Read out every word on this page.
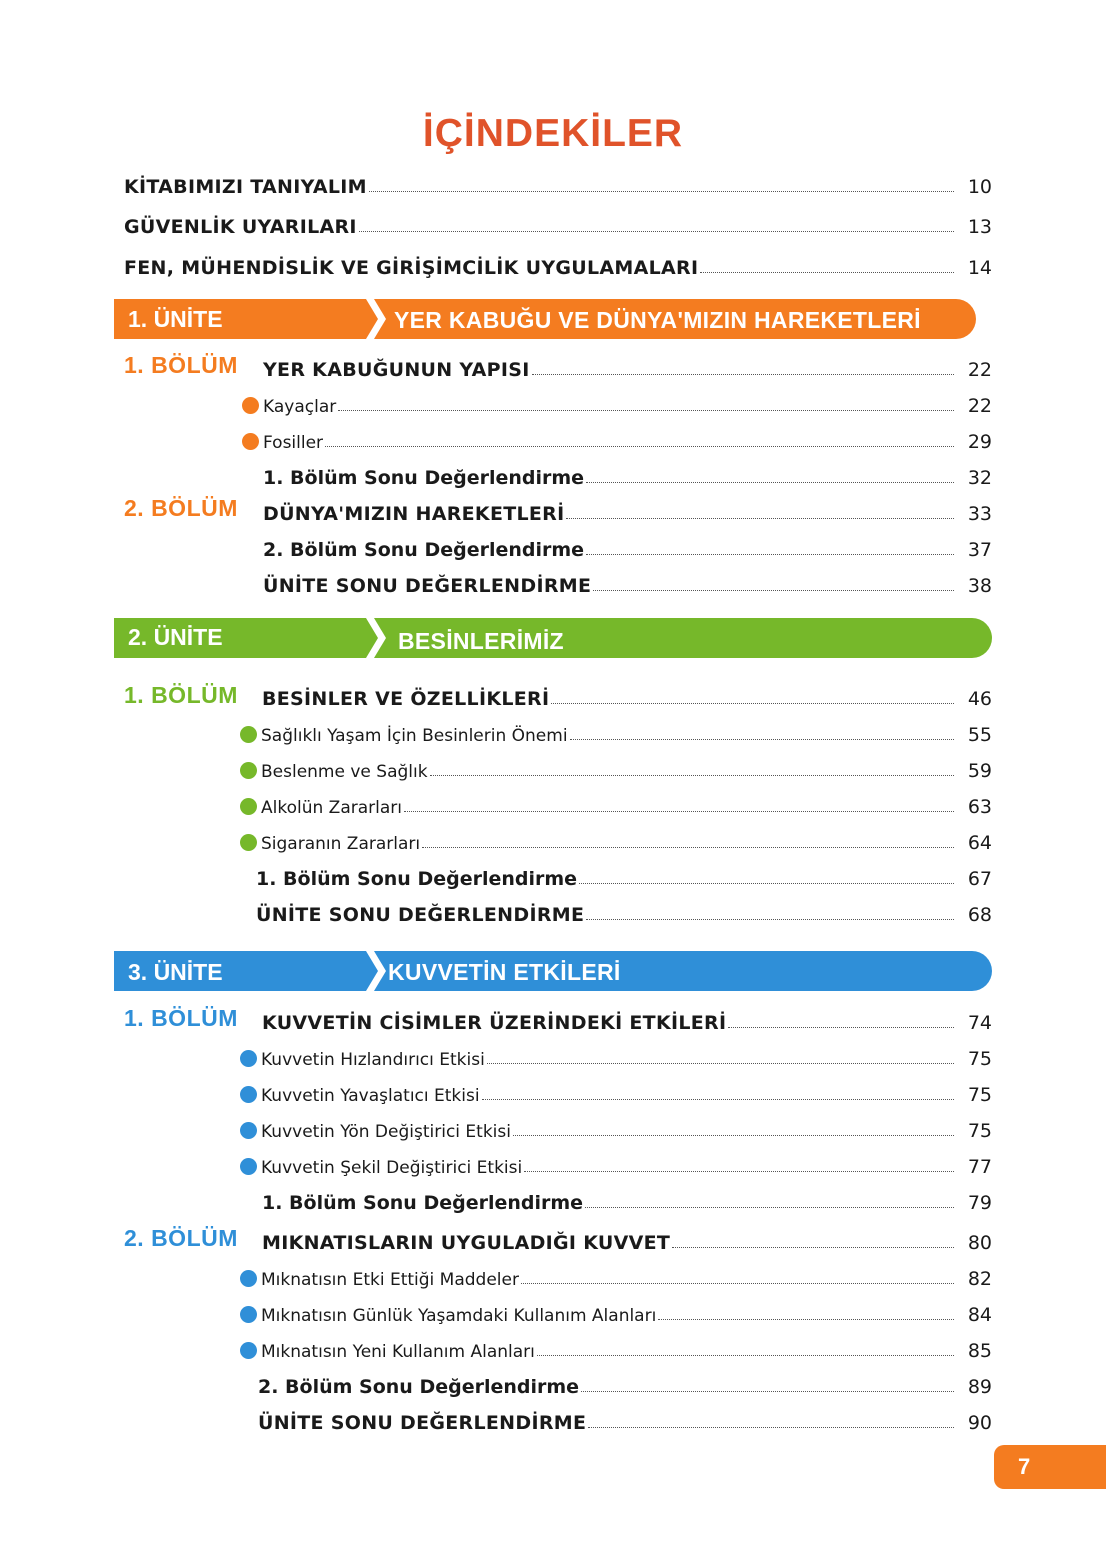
İÇİNDEKİLER
KİTABIMIZI TANIYALIM	10
GÜVENLİK UYARILARI	13
FEN, MÜHENDİSLİK VE GİRİŞİMCİLİK UYGULAMALARI	14
1. ÜNİTE	YER KABUĞU VE DÜNYA'MIZIN HAREKETLERİ
1. BÖLÜM YER KABUĞUNUN YAPISI	22
Kayaçlar	22
Fosiller	29
1. Bölüm Sonu Değerlendirme	32
2. BÖLÜM DÜNYA'MIZIN HAREKETLERİ	33
2. Bölüm Sonu Değerlendirme	37
ÜNİTE SONU DEĞERLENDİRME	38
2. ÜNİTE	BESİNLERİMİZ
1. BÖLÜM BESİNLER VE ÖZELLİKLERİ	46
Sağlıklı Yaşam İçin Besinlerin Önemi	55
Beslenme ve Sağlık	59
Alkolün Zararları	63
Sigaranın Zararları	64
1. Bölüm Sonu Değerlendirme	67
ÜNİTE SONU DEĞERLENDİRME	68
3. ÜNİTE	KUVVETİN ETKİLERİ
1. BÖLÜM KUVVETİN CİSİMLER ÜZERİNDEKİ ETKİLERİ	74
Kuvvetin Hızlandırıcı Etkisi	75
Kuvvetin Yavaşlatıcı Etkisi	75
Kuvvetin Yön Değiştirici Etkisi	75
Kuvvetin Şekil Değiştirici Etkisi	77
1. Bölüm Sonu Değerlendirme	79
2. BÖLÜM MIKNATISLARIN UYGULADIĞI KUVVET	80
Mıknatısın Etki Ettiği Maddeler	82
Mıknatısın Günlük Yaşamdaki Kullanım Alanları	84
Mıknatısın Yeni Kullanım Alanları	85
2. Bölüm Sonu Değerlendirme	89
ÜNİTE SONU DEĞERLENDİRME	90
7
